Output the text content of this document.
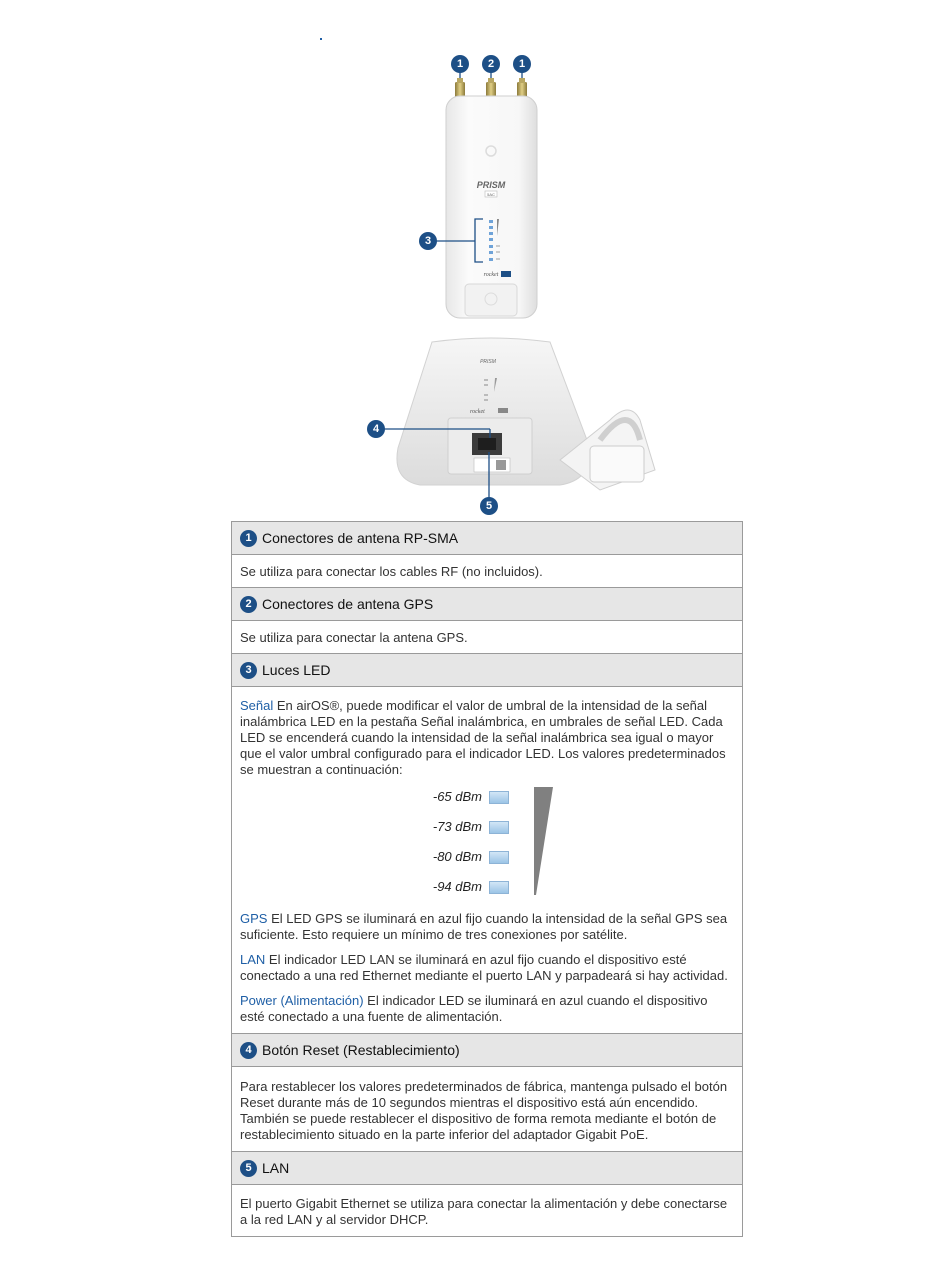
PRISM
5AC
rocket
PRISM
rocket
1	2	1
3
4
5
1 Conectores de antena RP-SMA

Se utiliza para conectar los cables RF (no incluidos).

2 Conectores de antena GPS

Se utiliza para conectar la antena GPS.

3 Luces LED

Señal En airOS®, puede modificar el valor de umbral de la intensidad de la señal inalámbrica LED en la pestaña Señal inalámbrica, en umbrales de señal LED. Cada LED se encenderá cuando la intensidad de la señal inalámbrica sea igual o mayor que el valor umbral configurado para el indicador LED. Los valores predeterminados se muestran a continuación:

-65 dBm
-73 dBm
-80 dBm
-94 dBm

GPS El LED GPS se iluminará en azul fijo cuando la intensidad de la señal GPS sea suficiente. Esto requiere un mínimo de tres conexiones por satélite.

LAN El indicador LED LAN se iluminará en azul fijo cuando el dispositivo esté conectado a una red Ethernet mediante el puerto LAN y parpadeará si hay actividad.

Power (Alimentación) El indicador LED se iluminará en azul cuando el dispositivo esté conectado a una fuente de alimentación.

4 Botón Reset (Restablecimiento)

Para restablecer los valores predeterminados de fábrica, mantenga pulsado el botón Reset durante más de 10 segundos mientras el dispositivo está aún encendido. También se puede restablecer el dispositivo de forma remota mediante el botón de restablecimiento situado en la parte inferior del adaptador Gigabit PoE.

5 LAN

El puerto Gigabit Ethernet se utiliza para conectar la alimentación y debe conectarse a la red LAN y al servidor DHCP.
